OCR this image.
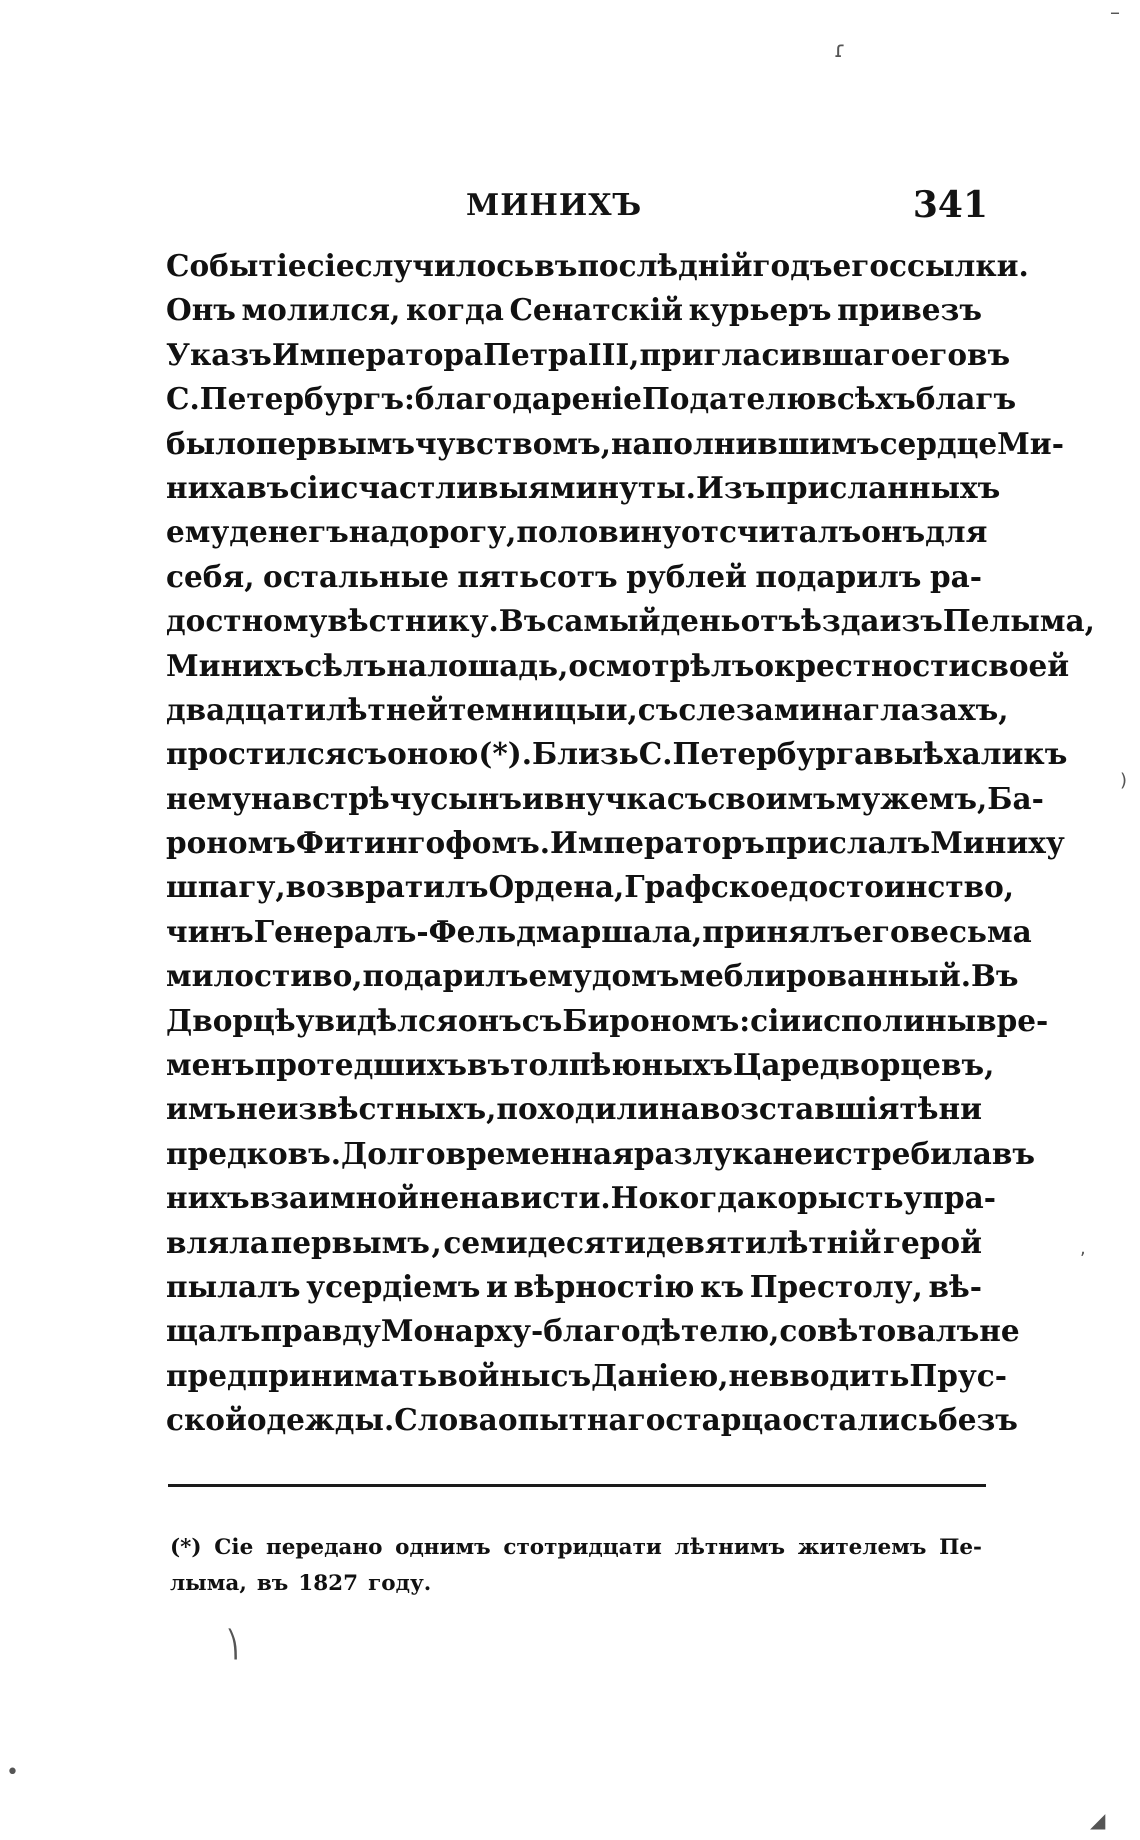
МИНИХЪ	341
Событіе сіе случилось въ послѣдній годъ его ссылки.
Онъ молился, когда Сенатскій курьеръ привезъ
Указъ Императора Петра III, пригласившаго его въ
С. Петербургъ: благодареніе Подателю всѣхъ благъ
было первымъ чувствомъ, наполнившимъ сердце Ми-
ниха въ сіи счастливыя минуты. Изъ присланныхъ
ему денегъ на дорогу, половину отсчиталъ онъ для
себя, остальные пятьсотъ рублей подарилъ ра-
достному вѣстнику. Въ самый день отъѣзда изъ Пелыма,
Минихъ сѣлъ на лошадь, осмотрѣлъ окрестности своей
двадцатилѣтней темницы и, съ слезами на глазахъ,
простился съ оною (*). Близь С. Петербурга выѣхали къ
нему на встрѣчу сынъ и внучка съ своимъ мужемъ, Ба-
рономъ Фитингофомъ. Императоръ прислалъ Миниху
шпагу, возвратилъ Ордена, Графское достоинство,
чинъ Генералъ-Фельдмаршала, принялъ его весьма
милостиво, подарилъ ему домъ меблированный. Въ
Дворцѣ увидѣлся онъ съ Бирономъ: сіи исполины вре-
менъ протедшихъ въ толпѣ юныхъ Царедворцевъ,
имъ неизвѣстныхъ, походили на возставшія тѣни
предковъ. Долговременная разлука не истребила въ
нихъ взаимной ненависти. Но когда корысть упра-
вляла первымъ , семидесятидевятилѣтній герой
пылалъ усердіемъ и вѣрностію къ Престолу, вѣ-
щалъ правду Монарху-благодѣтелю, совѣтовалъ не
предпринимать войны съ Даніею, не вводить Прус-
ской одежды. Слова опытнаго старца остались безъ
(*) Сіе передано однимъ стотридцати лѣтнимъ жителемъ Пе-
лыма, въ 1827 году.
–
ɾ
)
,
⎞
•
◢
